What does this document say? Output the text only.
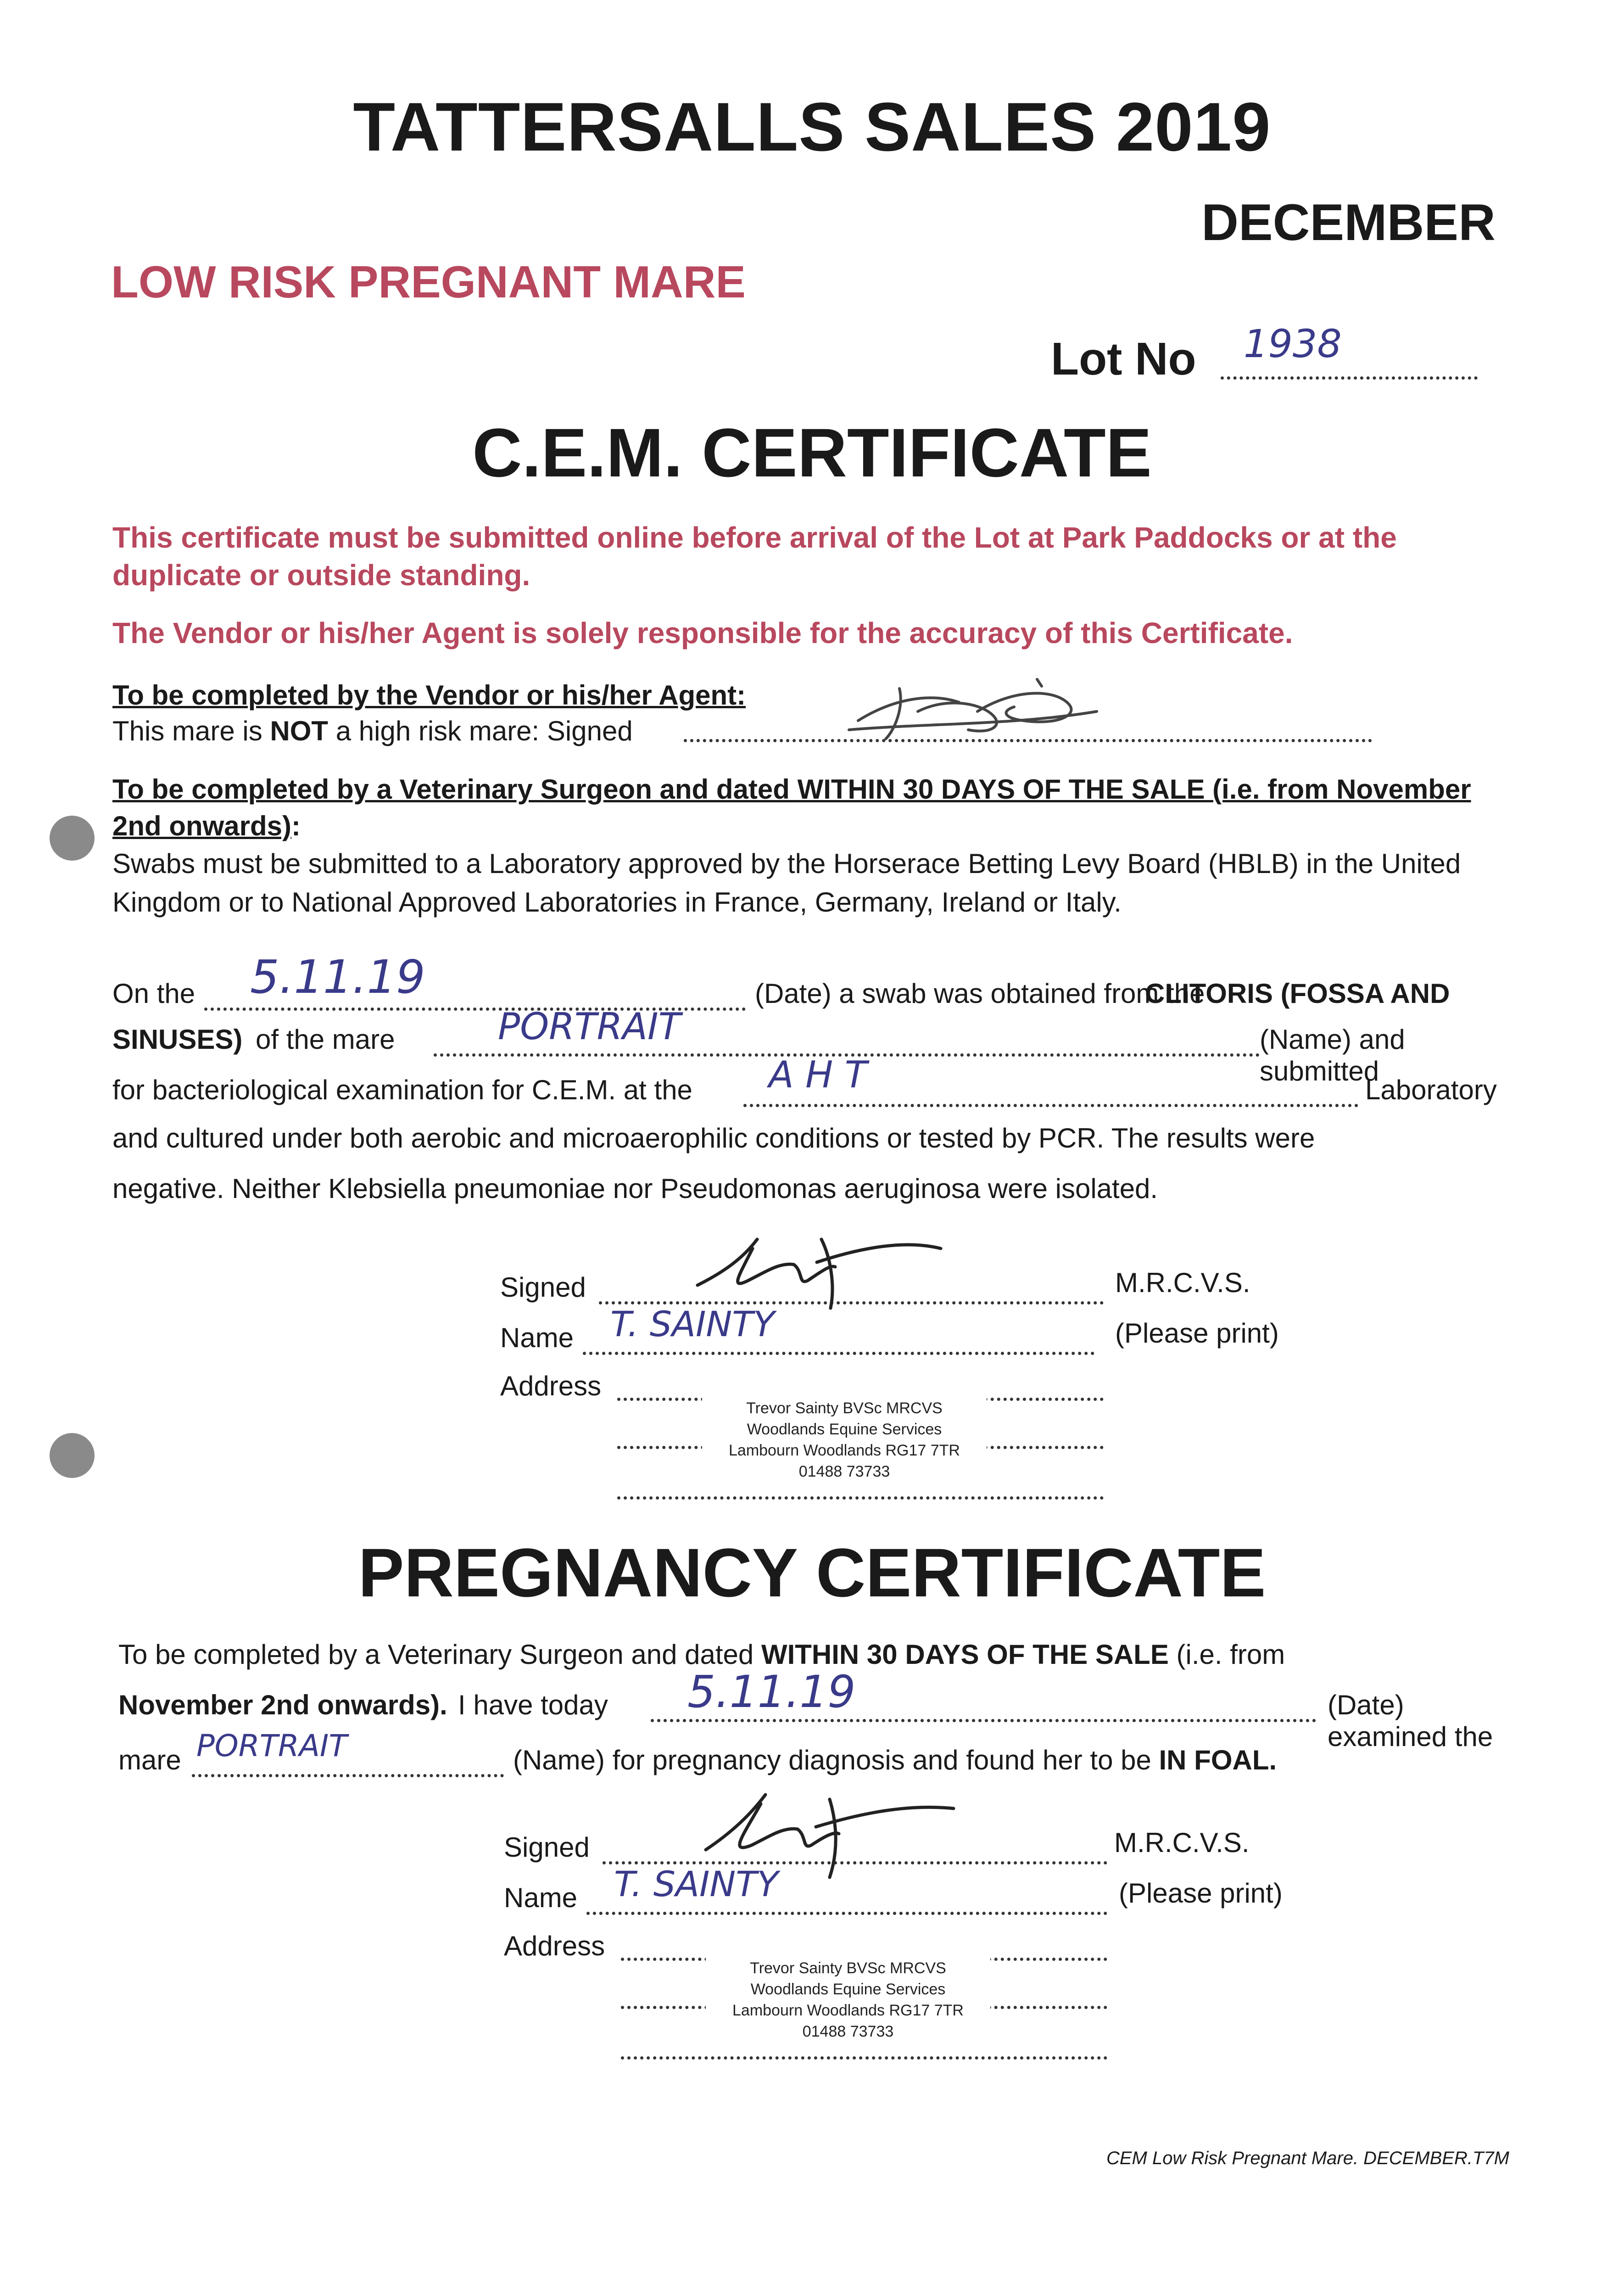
TATTERSALLS SALES 2019
DECEMBER
LOW RISK PREGNANT MARE
Lot No 1938
C.E.M. CERTIFICATE
This certificate must be submitted online before arrival of the Lot at Park Paddocks or at the duplicate or outside standing.
The Vendor or his/her Agent is solely responsible for the accuracy of this Certificate.
To be completed by the Vendor or his/her Agent:
This mare is NOT a high risk mare: Signed
To be completed by a Veterinary Surgeon and dated WITHIN 30 DAYS OF THE SALE (i.e. from November 2nd onwards):
Swabs must be submitted to a Laboratory approved by the Horserace Betting Levy Board (HBLB) in the United Kingdom or to National Approved Laboratories in France, Germany, Ireland or Italy.
On the 5.11.19	(Date) a swab was obtained from the
CLITORIS (FOSSA AND
SINUSES) of the mare	PORTRAIT	(Name) and submitted
for bacteriological examination for C.E.M. at the A H T	Laboratory
and cultured under both aerobic and microaerophilic conditions or tested by PCR. The results were
negative. Neither Klebsiella pneumoniae nor Pseudomonas aeruginosa were isolated.
Signed	M.R.C.V.S.
Name T. SAINTY	(Please print)
Address
Trevor Sainty BVSc MRCVS
Woodlands Equine Services
Lambourn Woodlands RG17 7TR
01488 73733
PREGNANCY CERTIFICATE
To be completed by a Veterinary Surgeon and dated WITHIN 30 DAYS OF THE SALE (i.e. from
November 2nd onwards). I have today 5.11.19	(Date) examined the
mare PORTRAIT	(Name) for pregnancy diagnosis and found her to be IN FOAL.
Signed	M.R.C.V.S.
Name T. SAINTY	(Please print)
Address
Trevor Sainty BVSc MRCVS
Woodlands Equine Services
Lambourn Woodlands RG17 7TR
01488 73733
CEM Low Risk Pregnant Mare. DECEMBER.T7M
